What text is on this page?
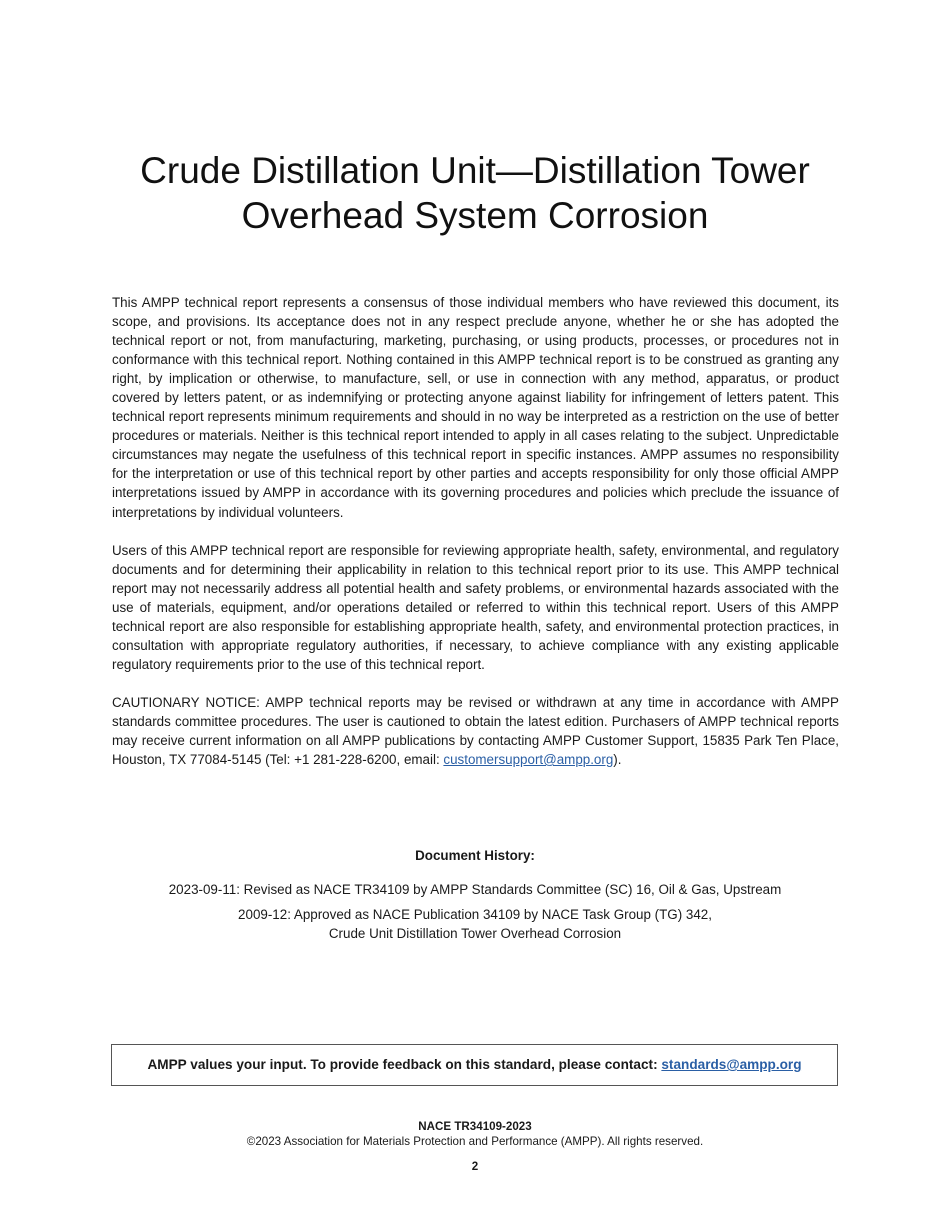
Crude Distillation Unit—Distillation Tower
Overhead System Corrosion

This AMPP technical report represents a consensus of those individual members who have reviewed this document, its scope, and provisions. Its acceptance does not in any respect preclude anyone, whether he or she has adopted the technical report or not, from manufacturing, marketing, purchasing, or using products, processes, or procedures not in conformance with this technical report. Nothing contained in this AMPP technical report is to be construed as granting any right, by implication or otherwise, to manufacture, sell, or use in connection with any method, apparatus, or product covered by letters patent, or as indemnifying or protecting anyone against liability for infringement of letters patent. This technical report represents minimum requirements and should in no way be interpreted as a restriction on the use of better procedures or materials. Neither is this technical report intended to apply in all cases relating to the subject. Unpredictable circumstances may negate the usefulness of this technical report in specific instances. AMPP assumes no responsibility for the interpretation or use of this technical report by other parties and accepts responsibility for only those official AMPP interpretations issued by AMPP in accordance with its governing procedures and policies which preclude the issuance of interpretations by individual volunteers.

Users of this AMPP technical report are responsible for reviewing appropriate health, safety, environmental, and regulatory documents and for determining their applicability in relation to this technical report prior to its use. This AMPP technical report may not necessarily address all potential health and safety problems, or environmental hazards associated with the use of materials, equipment, and/or operations detailed or referred to within this technical report. Users of this AMPP technical report are also responsible for establishing appropriate health, safety, and environmental protection practices, in consultation with appropriate regulatory authorities, if necessary, to achieve compliance with any existing applicable regulatory requirements prior to the use of this technical report.

CAUTIONARY NOTICE: AMPP technical reports may be revised or withdrawn at any time in accordance with AMPP standards committee procedures. The user is cautioned to obtain the latest edition. Purchasers of AMPP technical reports may receive current information on all AMPP publications by contacting AMPP Customer Support, 15835 Park Ten Place, Houston, TX 77084-5145 (Tel: +1 281-228-6200, email: customersupport@ampp.org).

Document History:
2023-09-11: Revised as NACE TR34109 by AMPP Standards Committee (SC) 16, Oil & Gas, Upstream
2009-12: Approved as NACE Publication 34109 by NACE Task Group (TG) 342,
Crude Unit Distillation Tower Overhead Corrosion
AMPP values your input. To provide feedback on this standard, please contact: standards@ampp.org
NACE TR34109-2023
©2023 Association for Materials Protection and Performance (AMPP). All rights reserved.
2
